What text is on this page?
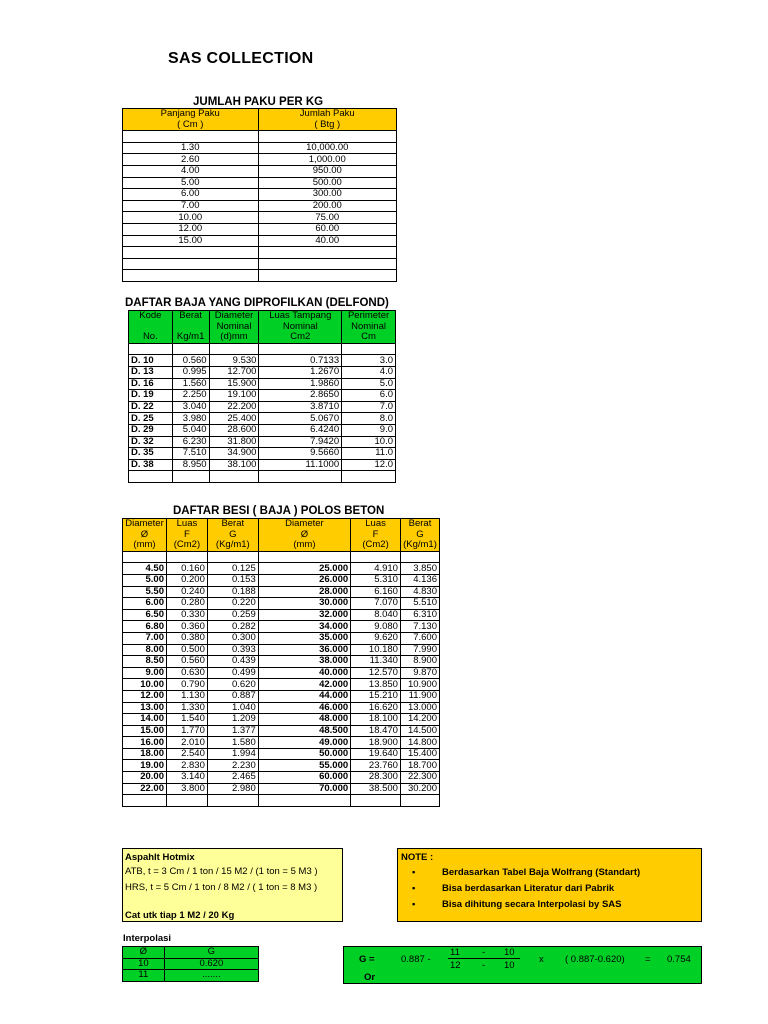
SAS COLLECTION
JUMLAH PAKU PER KG
Panjang Paku	Jumlah Paku
( Cm )	( Btg )

1.30	10,000.00
2.60	1,000.00
4.00	950.00
5.00	500.00
6.00	300.00
7.00	200.00
10.00	75.00
12.00	60.00
15.00	40.00

DAFTAR BAJA YANG DIPROFILKAN (DELFOND)
Kode	Berat	Diameter	Luas Tampang	Perimeter
		Nominal	Nominal	Nominal
No.	Kg/m1	(d)mm	Cm2	Cm

D. 10	0.560	9.530	0.7133	3.0
D. 13	0.995	12.700	1.2670	4.0
D. 16	1.560	15.900	1.9860	5.0
D. 19	2.250	19.100	2.8650	6.0
D. 22	3.040	22.200	3.8710	7.0
D. 25	3.980	25.400	5.0670	8.0
D. 29	5.040	28.600	6.4240	9.0
D. 32	6.230	31.800	7.9420	10.0
D. 35	7.510	34.900	9.5660	11.0
D. 38	8.950	38.100	11.1000	12.0

DAFTAR BESI ( BAJA ) POLOS BETON
Diameter	Luas	Berat	Diameter	Luas	Berat
Ø	F	G	Ø	F	G
(mm)	(Cm2)	(Kg/m1)	(mm)	(Cm2)	(Kg/m1)

4.50	0.160	0.125	25.000	4.910	3.850
5.00	0.200	0.153	26.000	5.310	4.136
5.50	0.240	0.188	28.000	6.160	4.830
6.00	0.280	0.220	30.000	7.070	5.510
6.50	0.330	0.259	32.000	8.040	6.310
6.80	0.360	0.282	34.000	9.080	7.130
7.00	0.380	0.300	35.000	9.620	7.600
8.00	0.500	0.393	36.000	10.180	7.990
8.50	0.560	0.439	38.000	11.340	8.900
9.00	0.630	0.499	40.000	12.570	9.870
10.00	0.790	0.620	42.000	13.850	10.900
12.00	1.130	0.887	44.000	15.210	11.900
13.00	1.330	1.040	46.000	16.620	13.000
14.00	1.540	1.209	48.000	18.100	14.200
15.00	1.770	1.377	48.500	18.470	14.500
16.00	2.010	1.580	49.000	18.900	14.800
18.00	2.540	1.994	50.000	19.640	15.400
19.00	2.830	2.230	55.000	23.760	18.700
20.00	3.140	2.465	60.000	28.300	22.300
22.00	3.800	2.980	70.000	38.500	30.200

Aspahlt Hotmix
ATB, t = 3 Cm / 1 ton / 15 M2 / (1 ton = 5 M3 )
HRS, t = 5 Cm / 1 ton / 8 M2 / ( 1 ton = 8 M3 )
Cat utk tiap 1 M2 / 20 Kg
NOTE :
•	Berdasarkan Tabel Baja Wolfrang (Standart)
•	Bisa berdasarkan Literatur dari Pabrik
•	Bisa dihitung secara Interpolasi by SAS
Interpolasi
Ø	G
10	0.620
11	.......
G =	0.887 -
11 - 10
12 - 10
x ( 0.887-0.620) = 0.754
Or
